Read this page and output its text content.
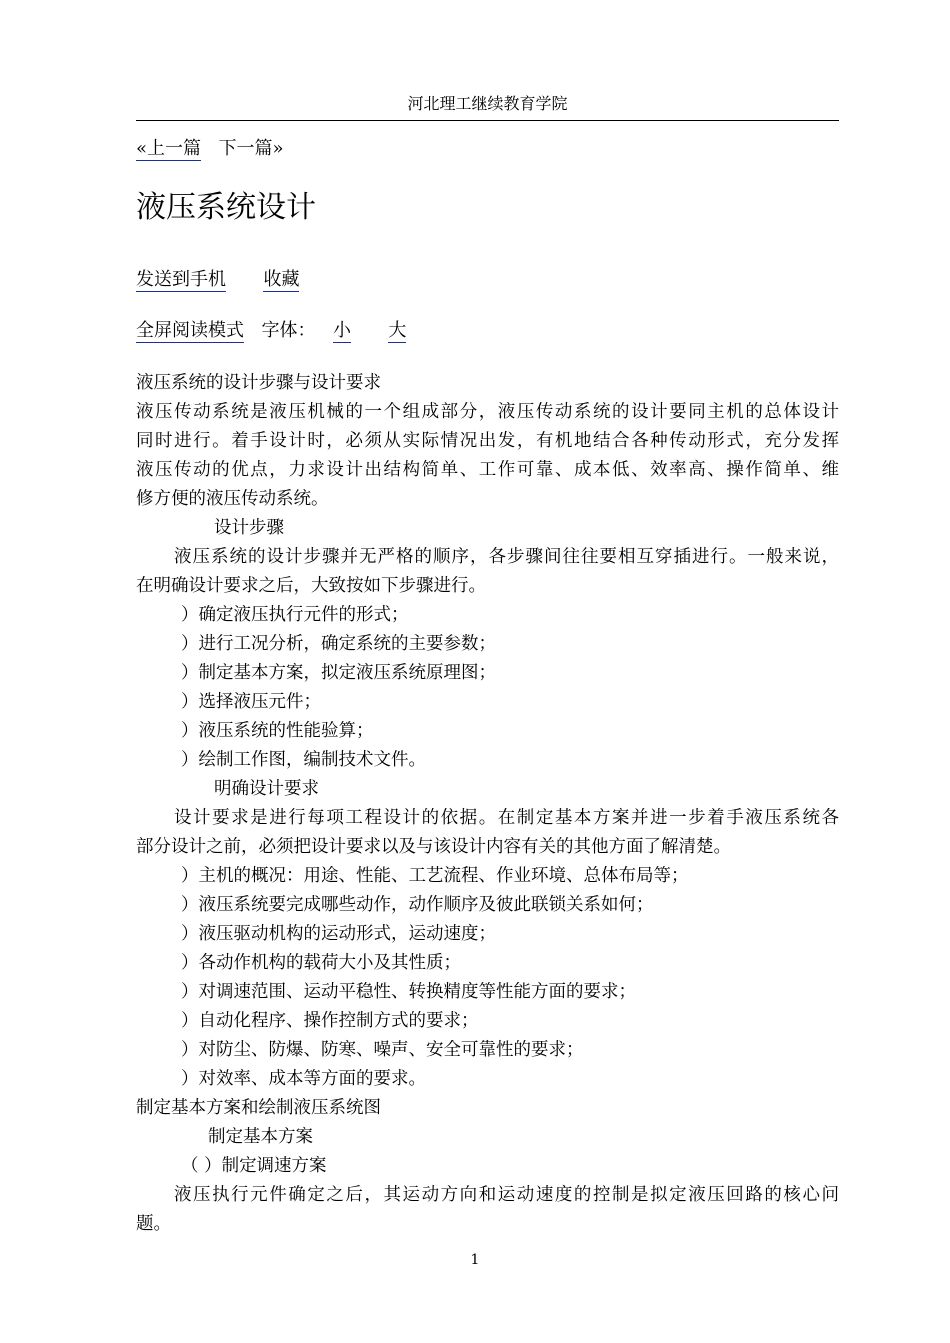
河北理工继续教育学院
«上一篇 下一篇»
液压系统设计
发送到手机 收藏
全屏阅读模式 字体： 小 大
液压系统的设计步骤与设计要求
液压传动系统是液压机械的一个组成部分，液压传动系统的设计要同主机的总体设计
同时进行。着手设计时，必须从实际情况出发，有机地结合各种传动形式，充分发挥
液压传动的优点，力求设计出结构简单、工作可靠、成本低、效率高、操作简单、维
修方便的液压传动系统。
设计步骤
液压系统的设计步骤并无严格的顺序，各步骤间往往要相互穿插进行。一般来说，
在明确设计要求之后，大致按如下步骤进行。
）确定液压执行元件的形式；
）进行工况分析，确定系统的主要参数；
）制定基本方案，拟定液压系统原理图；
）选择液压元件；
）液压系统的性能验算；
）绘制工作图，编制技术文件。
明确设计要求
设计要求是进行每项工程设计的依据。在制定基本方案并进一步着手液压系统各
部分设计之前，必须把设计要求以及与该设计内容有关的其他方面了解清楚。
）主机的概况：用途、性能、工艺流程、作业环境、总体布局等；
）液压系统要完成哪些动作，动作顺序及彼此联锁关系如何；
）液压驱动机构的运动形式，运动速度；
）各动作机构的载荷大小及其性质；
）对调速范围、运动平稳性、转换精度等性能方面的要求；
）自动化程序、操作控制方式的要求；
）对防尘、防爆、防寒、噪声、安全可靠性的要求；
）对效率、成本等方面的要求。
制定基本方案和绘制液压系统图
制定基本方案
（ ）制定调速方案
液压执行元件确定之后，其运动方向和运动速度的控制是拟定液压回路的核心问
题。
1
